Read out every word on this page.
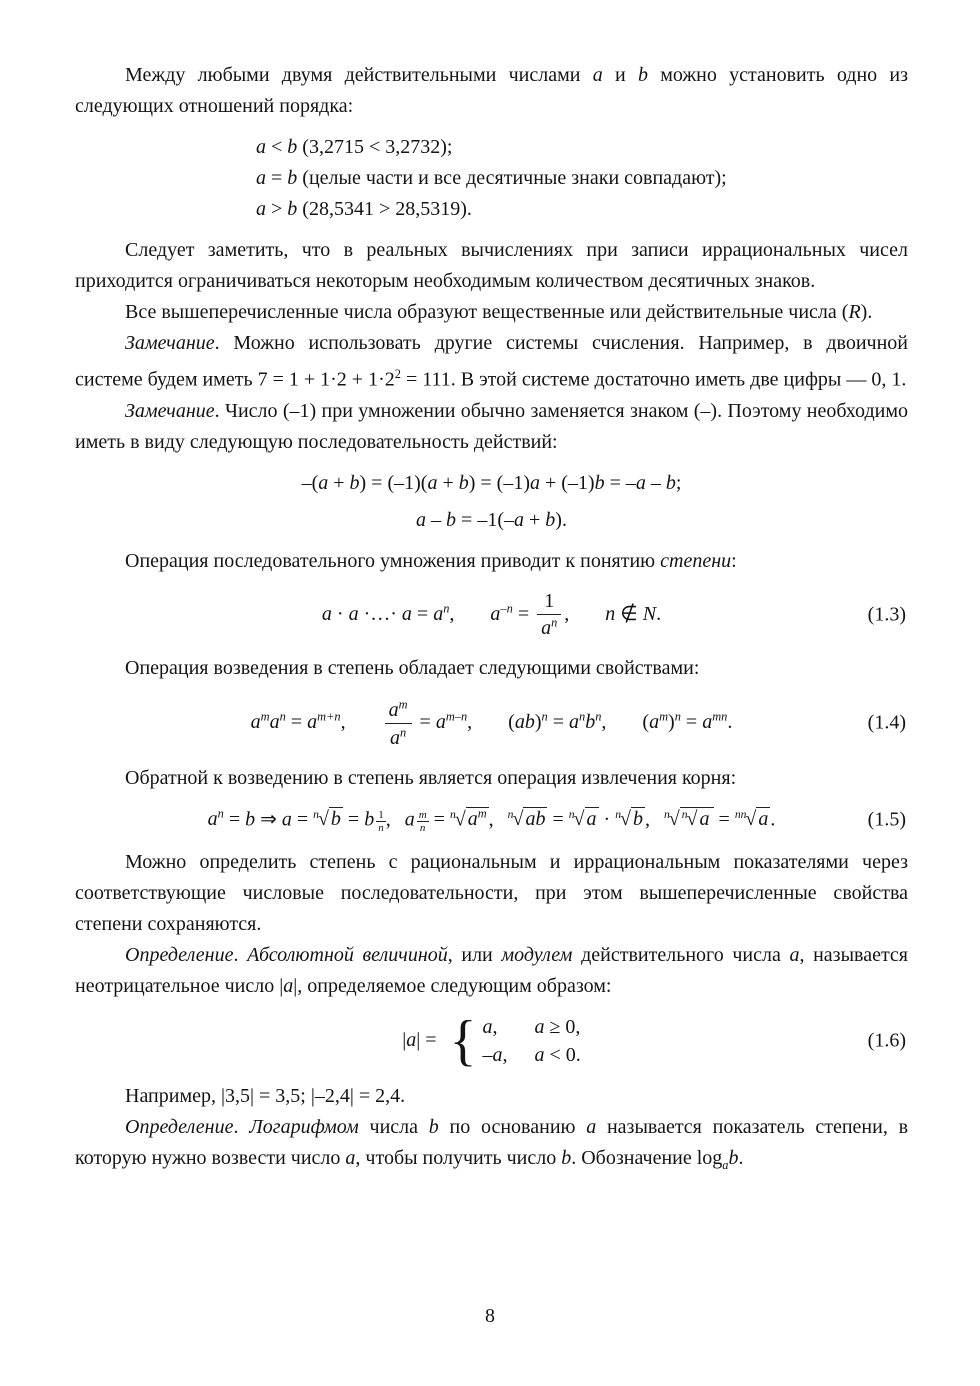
Между любыми двумя действительными числами a и b можно установить одно из следующих отношений порядка:

a < b (3,2715 < 3,2732);
a = b (целые части и все десятичные знаки совпадают);
a > b (28,5341 > 28,5319).

Следует заметить, что в реальных вычислениях при записи иррациональных чисел приходится ограничиваться некоторым необходимым количеством десятичных знаков.

Все вышеперечисленные числа образуют вещественные или действительные числа (R).

Замечание. Можно использовать другие системы счисления. Например, в двоичной системе будем иметь $7 = 1 + 1\cdot 2 + 1\cdot 2^2 = 111$. В этой системе достаточно иметь две цифры — 0, 1.

Замечание. Число (–1) при умножении обычно заменяется знаком (–). Поэтому необходимо иметь в виду следующую последовательность действий:

–(a + b) = (–1)(a + b) = (–1)a + (–1)b = –a – b;
a – b = –1(–a + b).

Операция последовательного умножения приводит к понятию степени:

a · a ·…· $a = a^n$, $a^{-n} = \frac{1}{a^n}$ , n ∉ N.	(1.3)

Операция возведения в степень обладает следующими свойствами:

$a^ma^n = a^{m+n}$, $\frac{a^m}{a^n} = a^{m-n}$, $(ab)^n = a^nb^n$, $(a^m)^n = a^{mn}$.	(1.4)

Обратной к возведению в степень является операция извлечения корня:

$a^n = b$ ⇒ a = $^n$√ b = b $\frac{1}{n}$ , a $\frac{m}{n} = ^n√$ $a^m$ , $^n$√ ab = $^n$√ a · $^n$√ b , $^n$√ $^n$√ a = $^{nn}$√ a .	(1.5)

Можно определить степень с рациональным и иррациональным показателями через соответствующие числовые последовательности, при этом вышеперечисленные свойства степени сохраняются.

Определение. Абсолютной величиной, или модулем действительного числа a, называется неотрицательное число |a|, определяемое следующим образом:

|a| = { a,	a ≥ 0,
–a,	a < 0.
(1.6)

Например, |3,5| = 3,5; |–2,4| = 2,4.

Определение. Логарифмом числа b по основанию a называется показатель степени, в которую нужно возвести число a, чтобы получить число b. Обозначение $\log_ab$.

8
